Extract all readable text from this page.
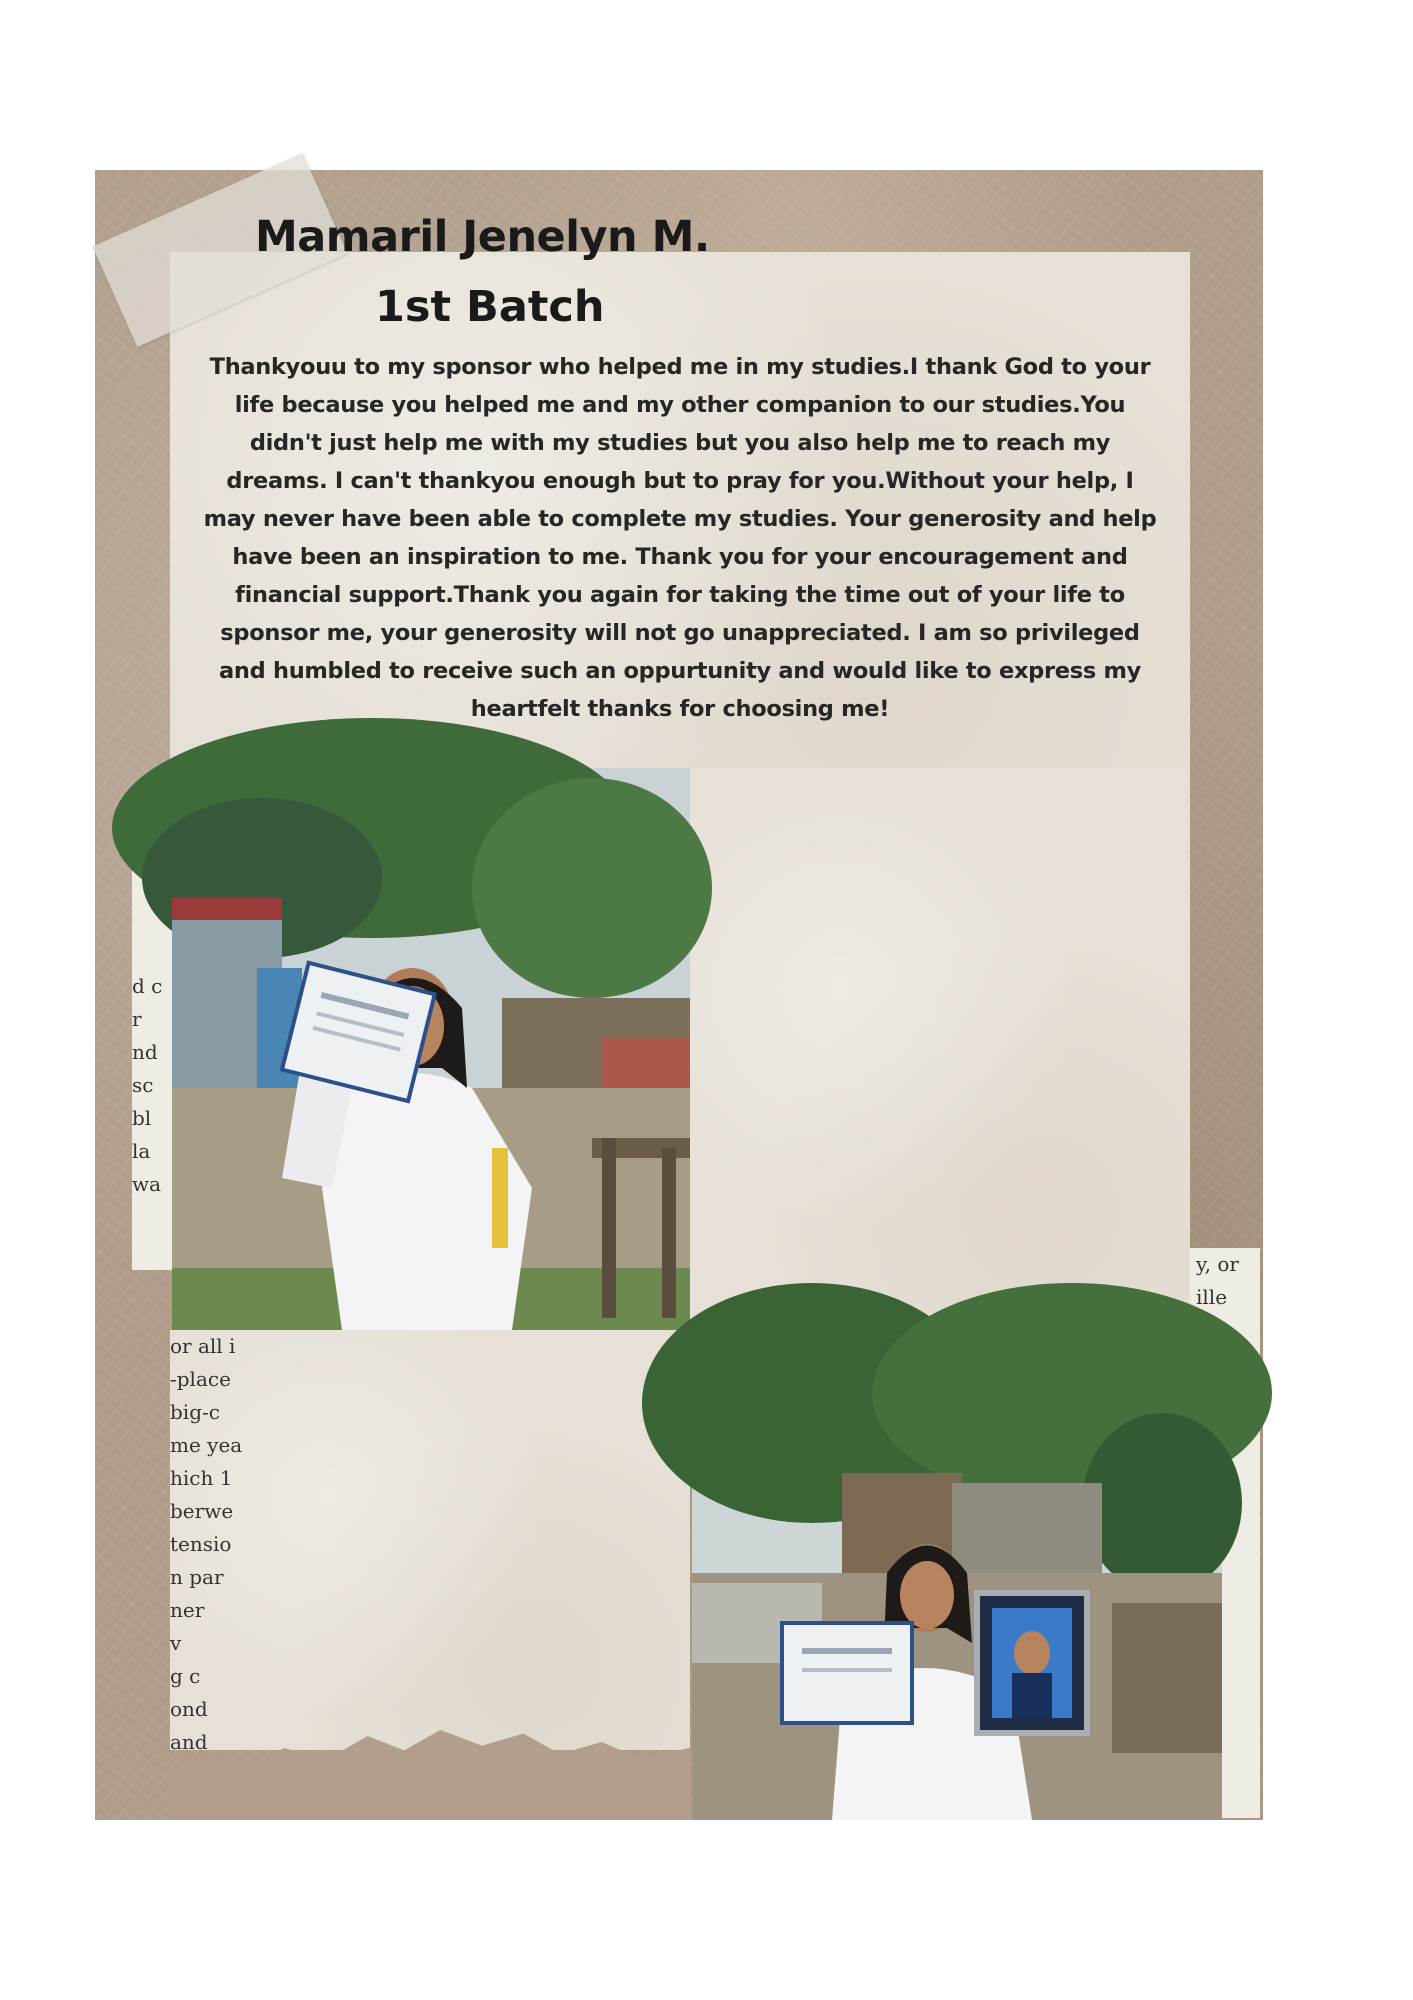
d c
r
nd
sc
bl
la
wa
y, or
ille
or all i
-place
big-c
me yea
hich 1
berwe
tensio
n par
ner
v
g c
ond
and
Mamaril Jenelyn M.
1st Batch

Thankyouu to my sponsor who helped me in my studies.I thank God to your life because you helped me and my other companion to our studies.You didn't just help me with my studies but you also help me to reach my dreams. I can't thankyou enough but to pray for you.Without your help, I may never have been able to complete my studies. Your generosity and help have been an inspiration to me. Thank you for your encouragement and financial support.Thank you again for taking the time out of your life to sponsor me, your generosity will not go unappreciated. I am so privileged and humbled to receive such an oppurtunity and would like to express my heartfelt thanks for choosing me!
